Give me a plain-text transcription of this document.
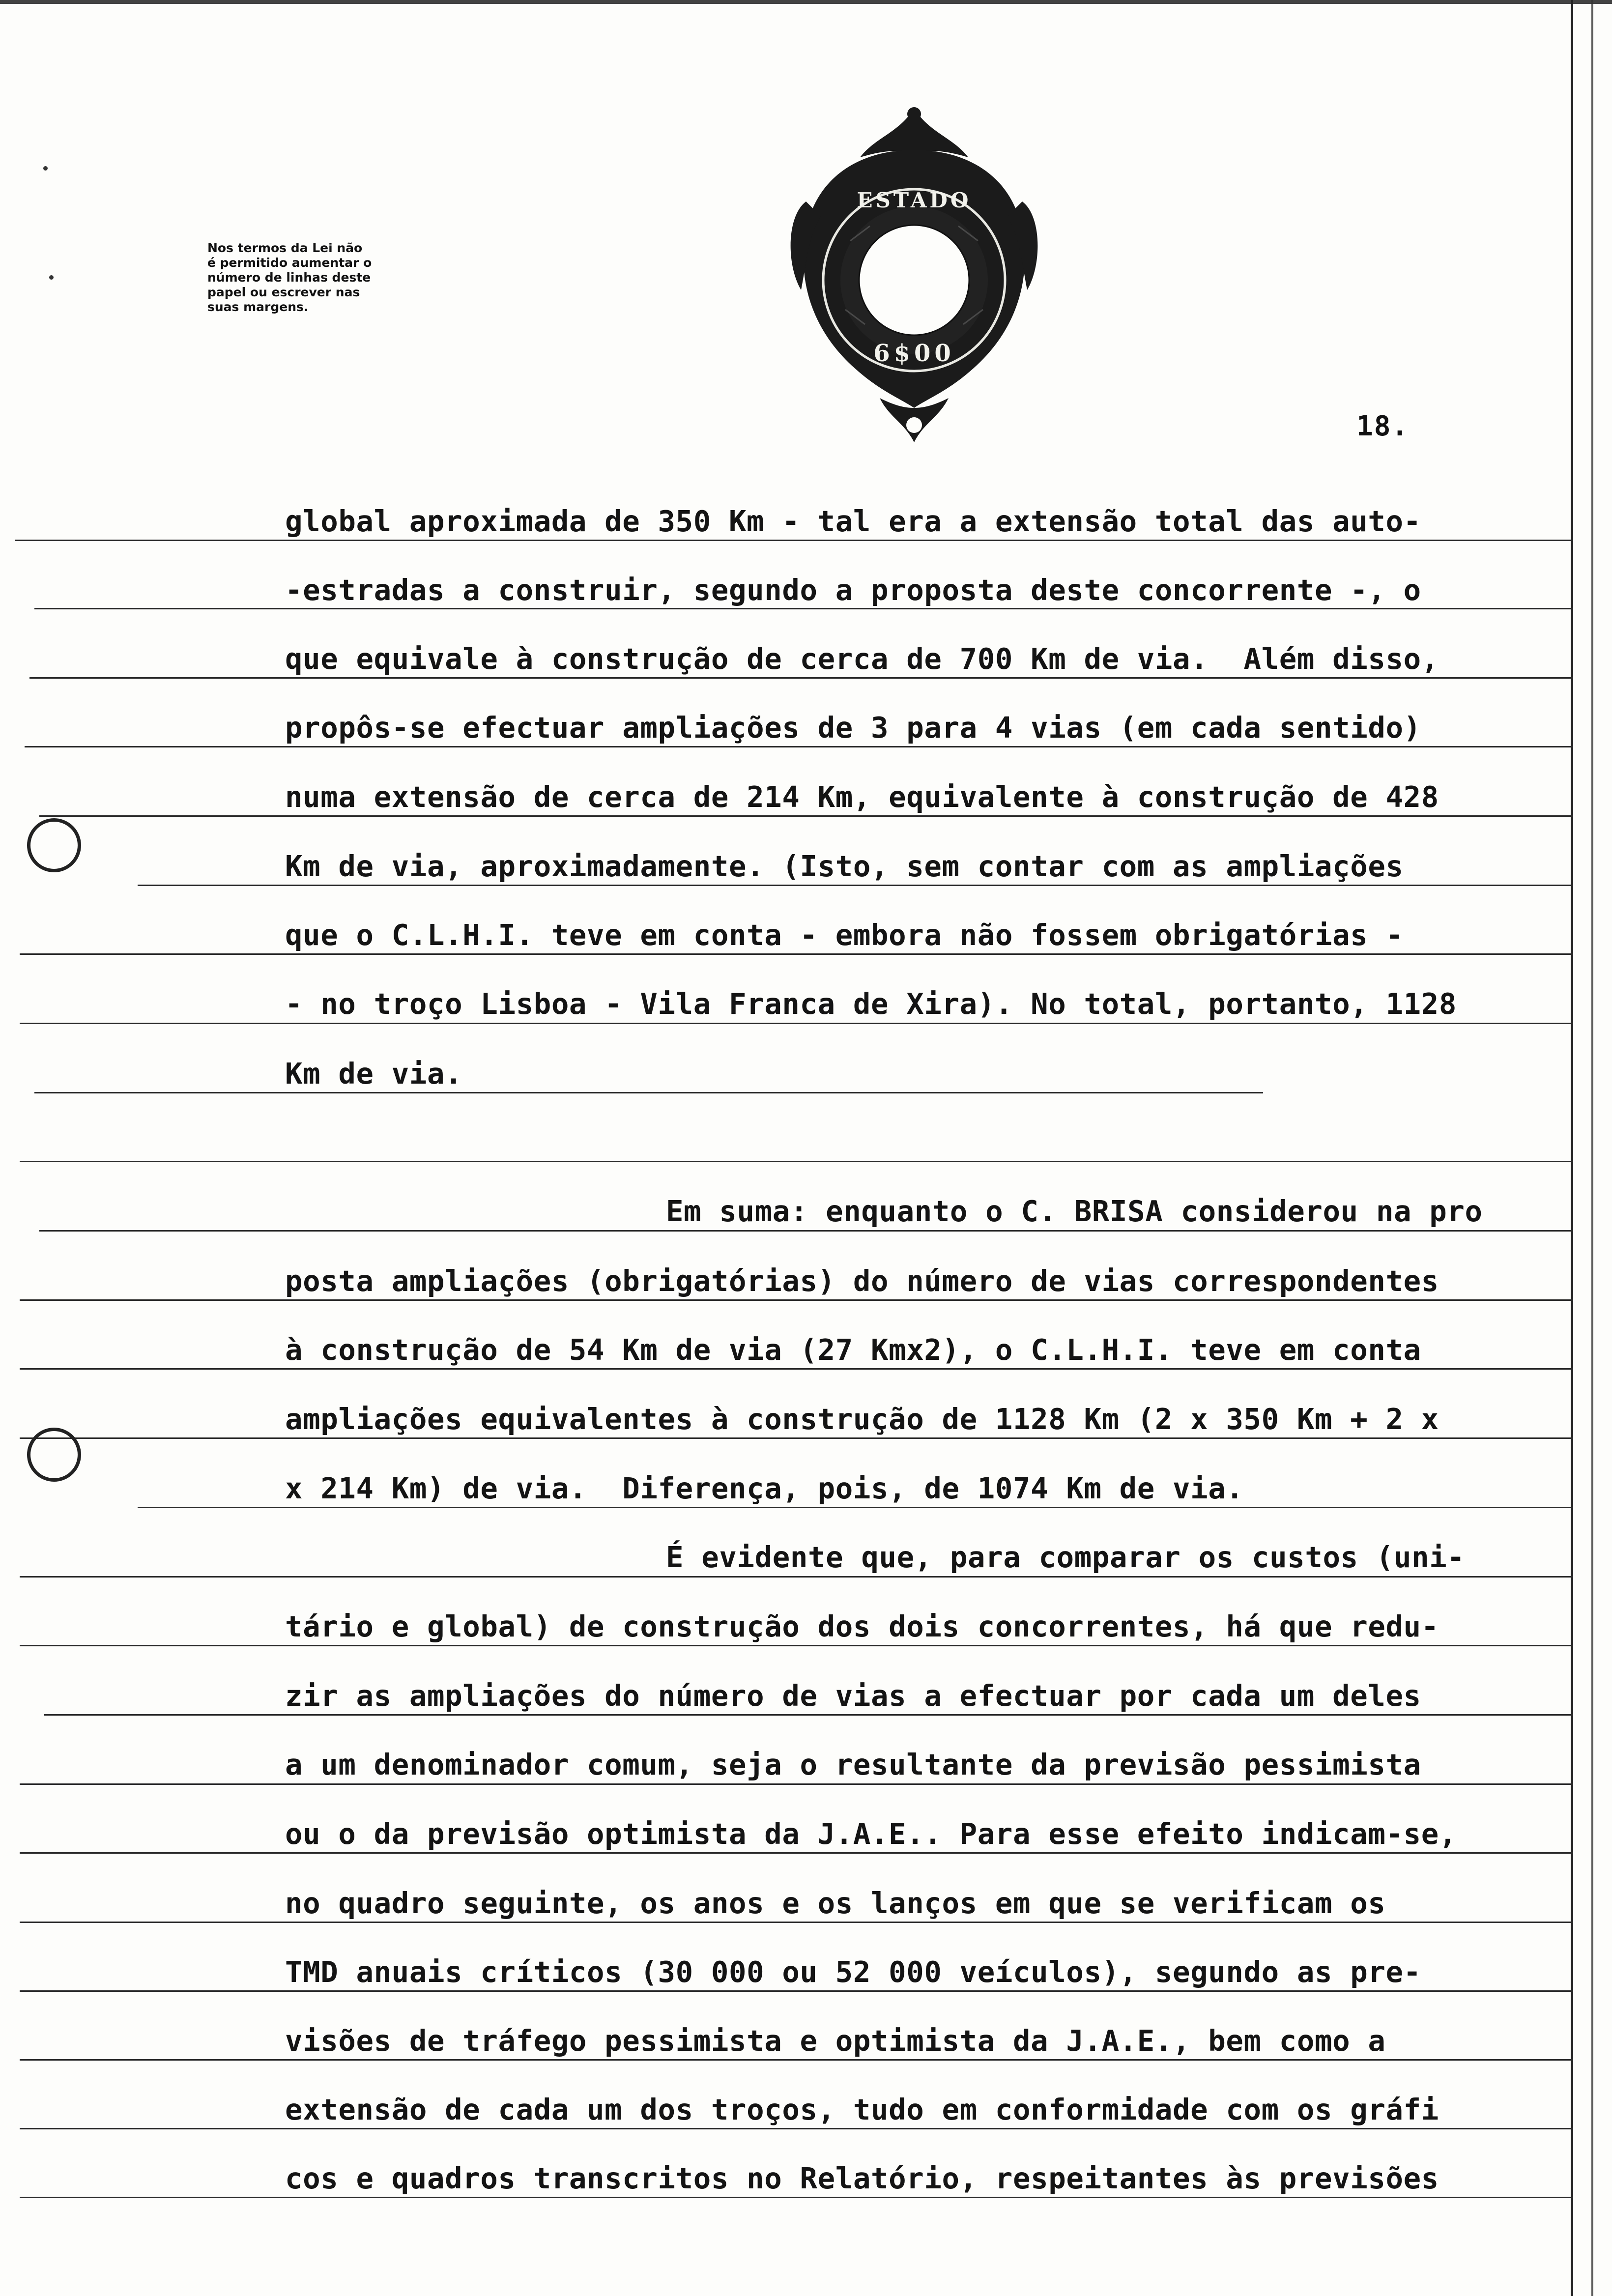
Nos termos da Lei não
é permitido aumentar o
número de linhas deste
papel ou escrever nas
suas margens.
ESTADO
6$00
18.
global aproximada de 350 Km - tal era a extensão total das auto-
-estradas a construir, segundo a proposta deste concorrente -, o
que equivale à construção de cerca de 700 Km de via.  Além disso,
propôs-se efectuar ampliações de 3 para 4 vias (em cada sentido)
numa extensão de cerca de 214 Km, equivalente à construção de 428
Km de via, aproximadamente. (Isto, sem contar com as ampliações
que o C.L.H.I. teve em conta - embora não fossem obrigatórias -
- no troço Lisboa - Vila Franca de Xira). No total, portanto, 1128
Km de via.
Em suma: enquanto o C. BRISA considerou na pro
posta ampliações (obrigatórias) do número de vias correspondentes
à construção de 54 Km de via (27 Kmx2), o C.L.H.I. teve em conta
ampliações equivalentes à construção de 1128 Km (2 x 350 Km + 2 x
x 214 Km) de via.  Diferença, pois, de 1074 Km de via.
É evidente que, para comparar os custos (uni-
tário e global) de construção dos dois concorrentes, há que redu-
zir as ampliações do número de vias a efectuar por cada um deles
a um denominador comum, seja o resultante da previsão pessimista
ou o da previsão optimista da J.A.E.. Para esse efeito indicam-se,
no quadro seguinte, os anos e os lanços em que se verificam os
TMD anuais críticos (30 000 ou 52 000 veículos), segundo as pre-
visões de tráfego pessimista e optimista da J.A.E., bem como a
extensão de cada um dos troços, tudo em conformidade com os gráfi
cos e quadros transcritos no Relatório, respeitantes às previsões
